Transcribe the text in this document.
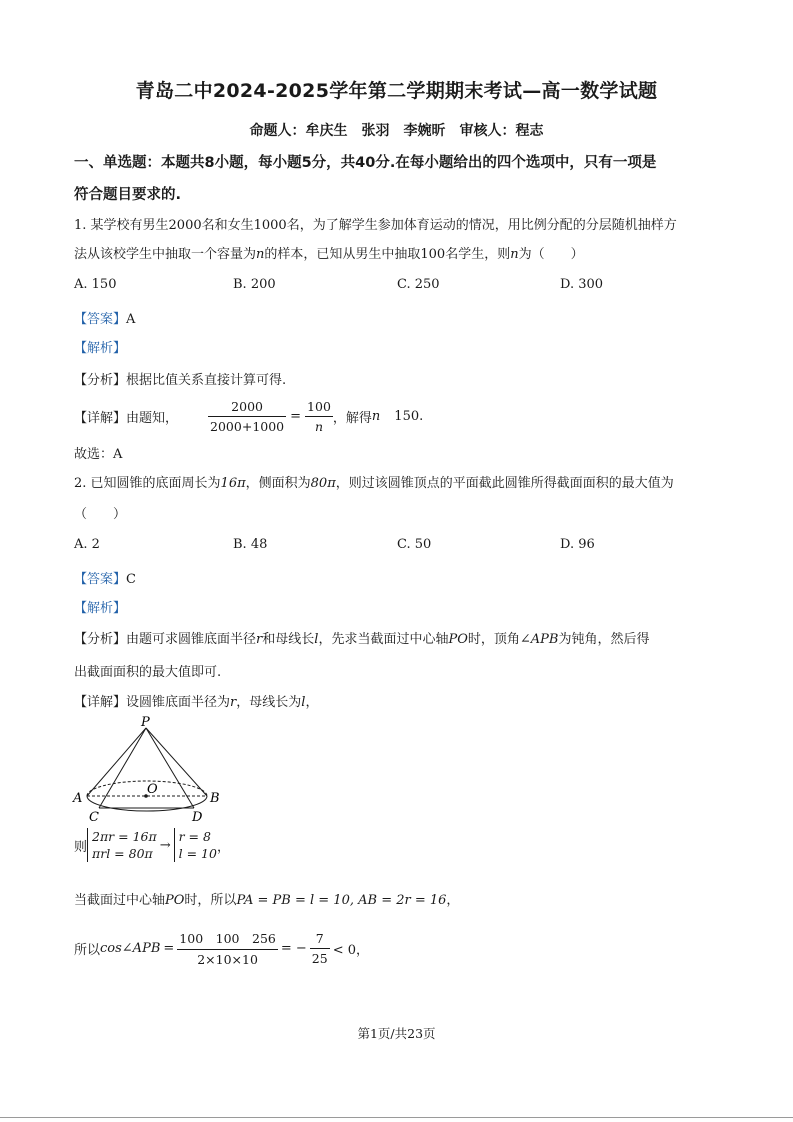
青岛二中2024-2025学年第二学期期末考试—高一数学试题
命题人：牟庆生　张羽　李婉昕　审核人：程志
一、单选题：本题共8小题，每小题5分，共40分.在每小题给出的四个选项中，只有一项是
符合题目要求的.
1. 某学校有男生2000名和女生1000名，为了解学生参加体育运动的情况，用比例分配的分层随机抽样方
法从该校学生中抽取一个容量为n的样本，已知从男生中抽取100名学生，则n为（　　）
A. 150	B. 200	C. 250	D. 300
【答案】A
【解析】
【分析】根据比值关系直接计算可得.
【详解】 由题知， $\frac{2000}{2000+1000} = \frac{100}{n}$ ，解得 n 150 .
故选：A
2. 已知圆锥的底面周长为16π，侧面积为80π，则过该圆锥顶点的平面截此圆锥所得截面面积的最大值为
（　　）
A. 2	B. 48	C. 50	D. 96
【答案】C
【解析】
【分析】由题可求圆锥底面半径r和母线长l，先求当截面过中心轴PO时，顶角∠APB为钝角，然后得
出截面面积的最大值即可.
【详解】设圆锥底面半径为r，母线长为l，
P
O
A	B
C	D
则
2πr = 16π
πrl = 80π
→
r = 8
l = 10 ，
当截面过中心轴PO时，所以PA = PB = l = 10, AB = 2r = 16，
所以 cos∠APB = $\frac{100 100 256}{2\times 10\times 10}$ = − $\frac{7}{25} < 0$，
第1页/共23页
